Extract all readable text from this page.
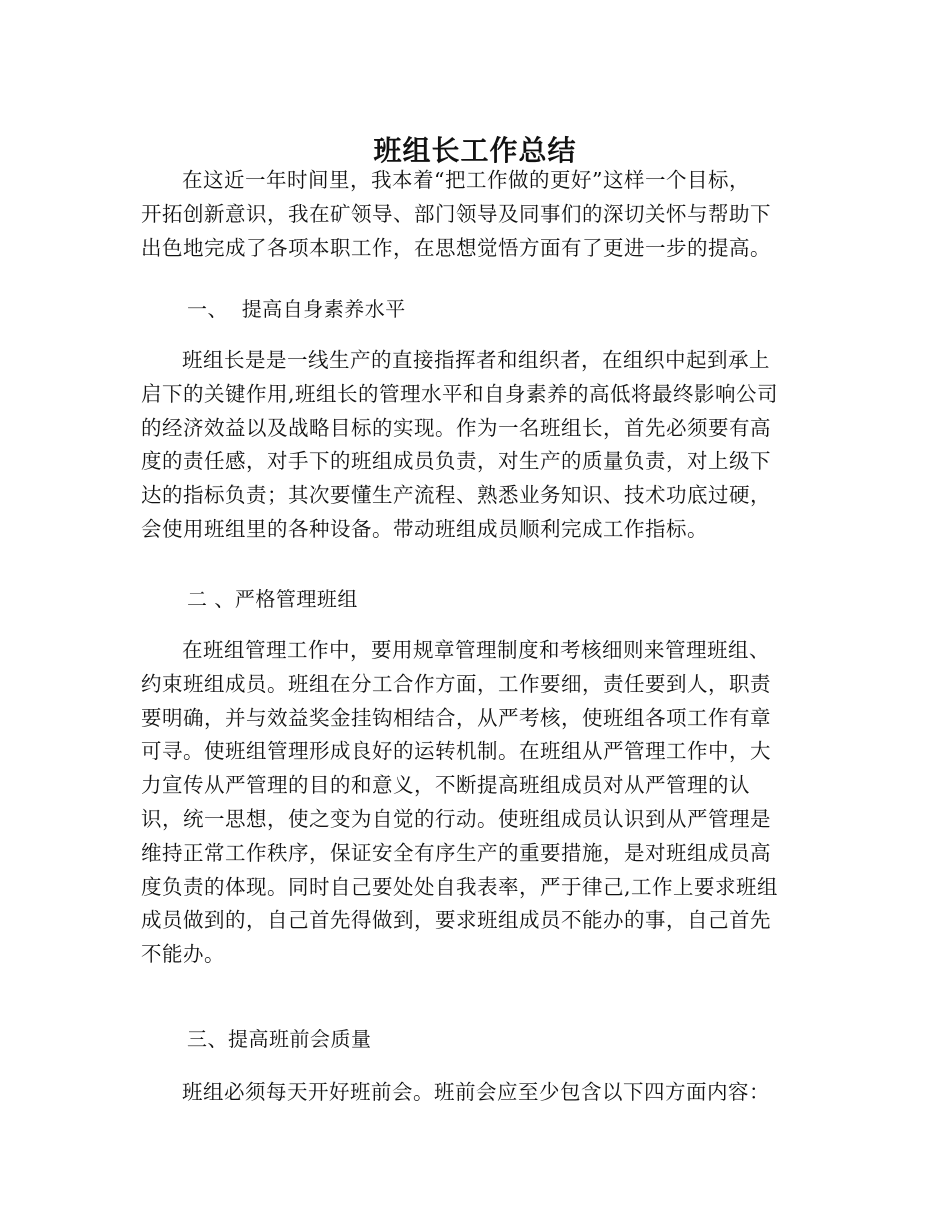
班组长工作总结

在这近一年时间里，我本着“把工作做的更好”这样一个目标，
开拓创新意识，我在矿领导、部门领导及同事们的深切关怀与帮助下
出色地完成了各项本职工作，在思想觉悟方面有了更进一步的提高。

一、  提高自身素养水平

班组长是是一线生产的直接指挥者和组织者，在组织中起到承上
启下的关键作用,班组长的管理水平和自身素养的高低将最终影响公司
的经济效益以及战略目标的实现。作为一名班组长，首先必须要有高
度的责任感，对手下的班组成员负责，对生产的质量负责，对上级下
达的指标负责；其次要懂生产流程、熟悉业务知识、技术功底过硬，
会使用班组里的各种设备。带动班组成员顺利完成工作指标。

二 、严格管理班组

在班组管理工作中，要用规章管理制度和考核细则来管理班组、
约束班组成员。班组在分工合作方面，工作要细，责任要到人，职责
要明确，并与效益奖金挂钩相结合，从严考核，使班组各项工作有章
可寻。使班组管理形成良好的运转机制。在班组从严管理工作中，大
力宣传从严管理的目的和意义，不断提高班组成员对从严管理的认
识，统一思想，使之变为自觉的行动。使班组成员认识到从严管理是
维持正常工作秩序，保证安全有序生产的重要措施，是对班组成员高
度负责的体现。同时自己要处处自我表率，严于律己,工作上要求班组
成员做到的，自己首先得做到，要求班组成员不能办的事，自己首先
不能办。

三、提高班前会质量

班组必须每天开好班前会。班前会应至少包含以下四方面内容：
